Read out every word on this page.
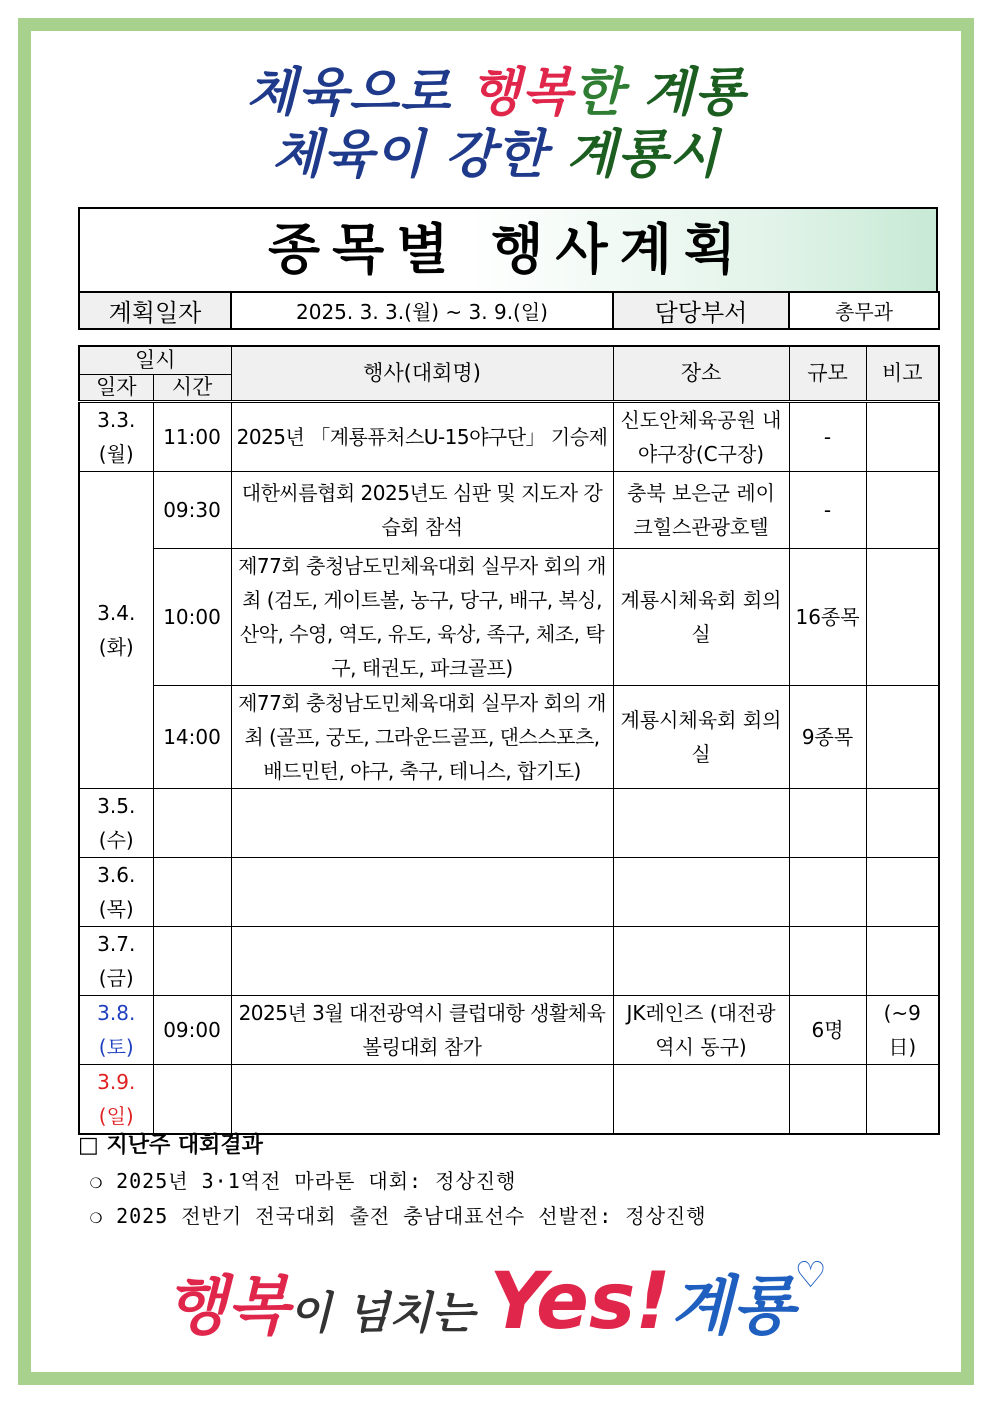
체육으로 행복한 계룡
체육이 강한 계룡시
종목별 행사계획
계획일자	2025. 3. 3.(월) ~ 3. 9.(일)	담당부서	총무과
일시		행사(대회명)	장소	규모	비고
일자	시간				
3.3.
(월)	11:00	2025년 「계룡퓨처스U-15야구단」 기승제	신도안체육공원 내 야구장(C구장)	-	
3.4.
(화)	09:30	대한씨름협회 2025년도 심판 및 지도자 강습회 참석	충북 보은군 레이크힐스관광호텔	-	
	10:00	제77회 충청남도민체육대회 실무자 회의 개최 (검도, 게이트볼, 농구, 당구, 배구, 복싱, 산악, 수영, 역도, 유도, 육상, 족구, 체조, 탁구, 태권도, 파크골프)	계룡시체육회 회의실	16종목	
	14:00	제77회 충청남도민체육대회 실무자 회의 개최 (골프, 궁도, 그라운드골프, 댄스스포츠, 배드민턴, 야구, 축구, 테니스, 합기도)	계룡시체육회 회의실	9종목	
3.5.
(수)					
3.6.
(목)					
3.7.
(금)					
3.8.
(토)	09:00	2025년 3월 대전광역시 클럽대항 생활체육 볼링대회 참가	JK레인즈 (대전광역시 동구)	6명	(~9日)
3.9.
(일)					
□ 지난주 대회결과
❍ 2025년 3·1역전 마라톤 대회: 정상진행
❍ 2025 전반기 전국대회 출전 충남대표선수 선발전: 정상진행
행복이 넘치는 Yes!계룡♡
